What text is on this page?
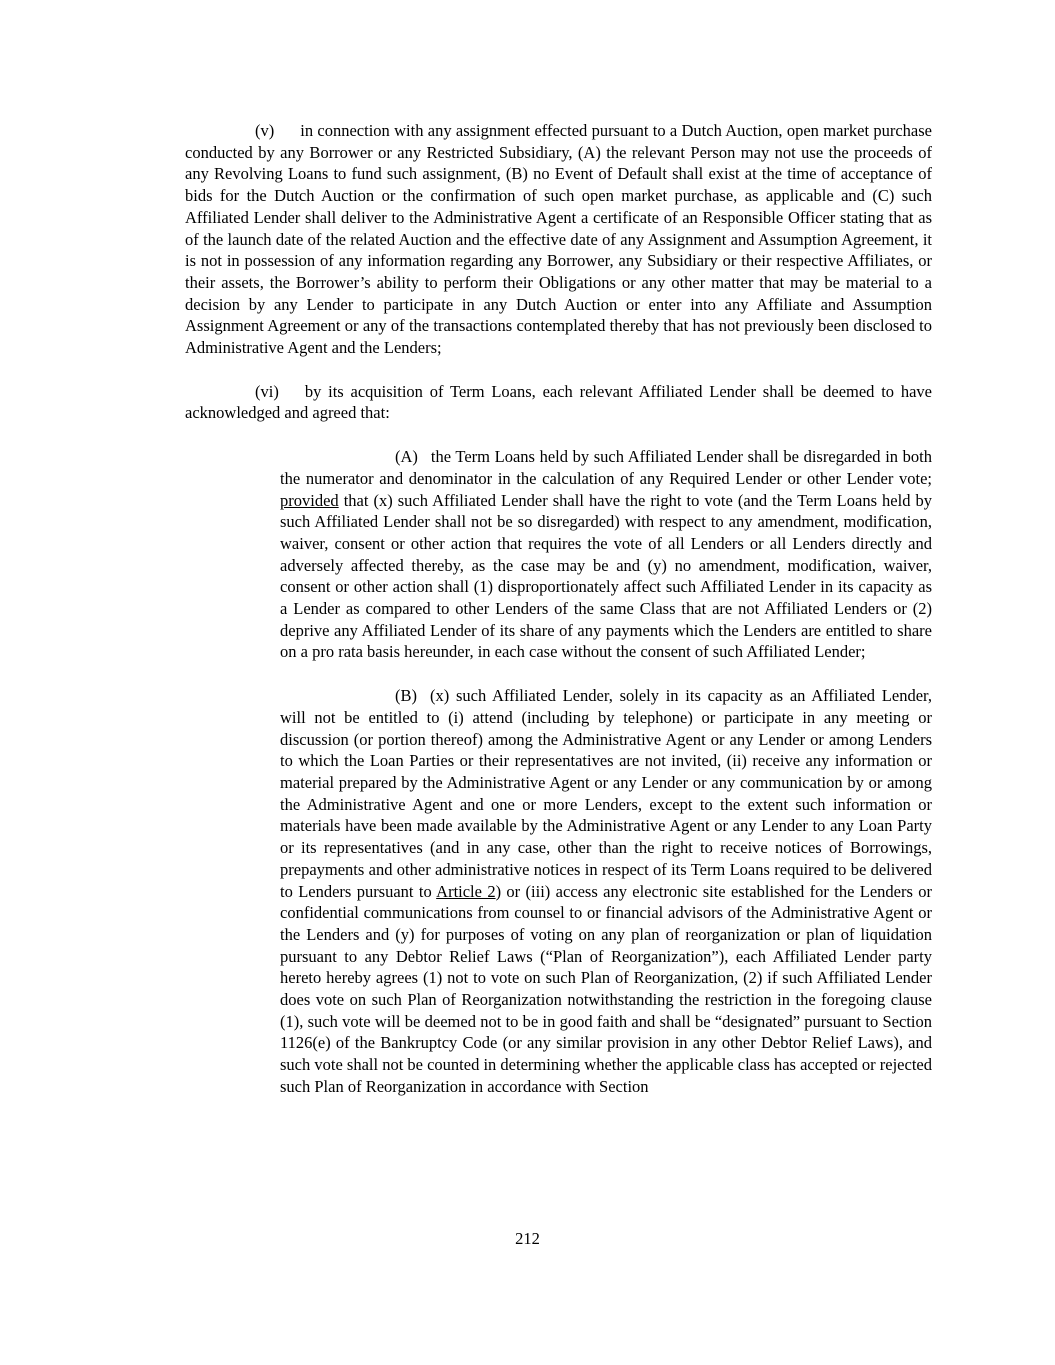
(v) in connection with any assignment effected pursuant to a Dutch Auction, open market purchase conducted by any Borrower or any Restricted Subsidiary, (A) the relevant Person may not use the proceeds of any Revolving Loans to fund such assignment, (B) no Event of Default shall exist at the time of acceptance of bids for the Dutch Auction or the confirmation of such open market purchase, as applicable and (C) such Affiliated Lender shall deliver to the Administrative Agent a certificate of an Responsible Officer stating that as of the launch date of the related Auction and the effective date of any Assignment and Assumption Agreement, it is not in possession of any information regarding any Borrower, any Subsidiary or their respective Affiliates, or their assets, the Borrower’s ability to perform their Obligations or any other matter that may be material to a decision by any Lender to participate in any Dutch Auction or enter into any Affiliate and Assumption Assignment Agreement or any of the transactions contemplated thereby that has not previously been disclosed to Administrative Agent and the Lenders;

(vi) by its acquisition of Term Loans, each relevant Affiliated Lender shall be deemed to have acknowledged and agreed that:

(A) the Term Loans held by such Affiliated Lender shall be disregarded in both the numerator and denominator in the calculation of any Required Lender or other Lender vote; provided that (x) such Affiliated Lender shall have the right to vote (and the Term Loans held by such Affiliated Lender shall not be so disregarded) with respect to any amendment, modification, waiver, consent or other action that requires the vote of all Lenders or all Lenders directly and adversely affected thereby, as the case may be and (y) no amendment, modification, waiver, consent or other action shall (1) disproportionately affect such Affiliated Lender in its capacity as a Lender as compared to other Lenders of the same Class that are not Affiliated Lenders or (2) deprive any Affiliated Lender of its share of any payments which the Lenders are entitled to share on a pro rata basis hereunder, in each case without the consent of such Affiliated Lender;

(B) (x) such Affiliated Lender, solely in its capacity as an Affiliated Lender, will not be entitled to (i) attend (including by telephone) or participate in any meeting or discussion (or portion thereof) among the Administrative Agent or any Lender or among Lenders to which the Loan Parties or their representatives are not invited, (ii) receive any information or material prepared by the Administrative Agent or any Lender or any communication by or among the Administrative Agent and one or more Lenders, except to the extent such information or materials have been made available by the Administrative Agent or any Lender to any Loan Party or its representatives (and in any case, other than the right to receive notices of Borrowings, prepayments and other administrative notices in respect of its Term Loans required to be delivered to Lenders pursuant to Article 2) or (iii) access any electronic site established for the Lenders or confidential communications from counsel to or financial advisors of the Administrative Agent or the Lenders and (y) for purposes of voting on any plan of reorganization or plan of liquidation pursuant to any Debtor Relief Laws (“Plan of Reorganization”), each Affiliated Lender party hereto hereby agrees (1) not to vote on such Plan of Reorganization, (2) if such Affiliated Lender does vote on such Plan of Reorganization notwithstanding the restriction in the foregoing clause (1), such vote will be deemed not to be in good faith and shall be “designated” pursuant to Section 1126(e) of the Bankruptcy Code (or any similar provision in any other Debtor Relief Laws), and such vote shall not be counted in determining whether the applicable class has accepted or rejected such Plan of Reorganization in accordance with Section

212
